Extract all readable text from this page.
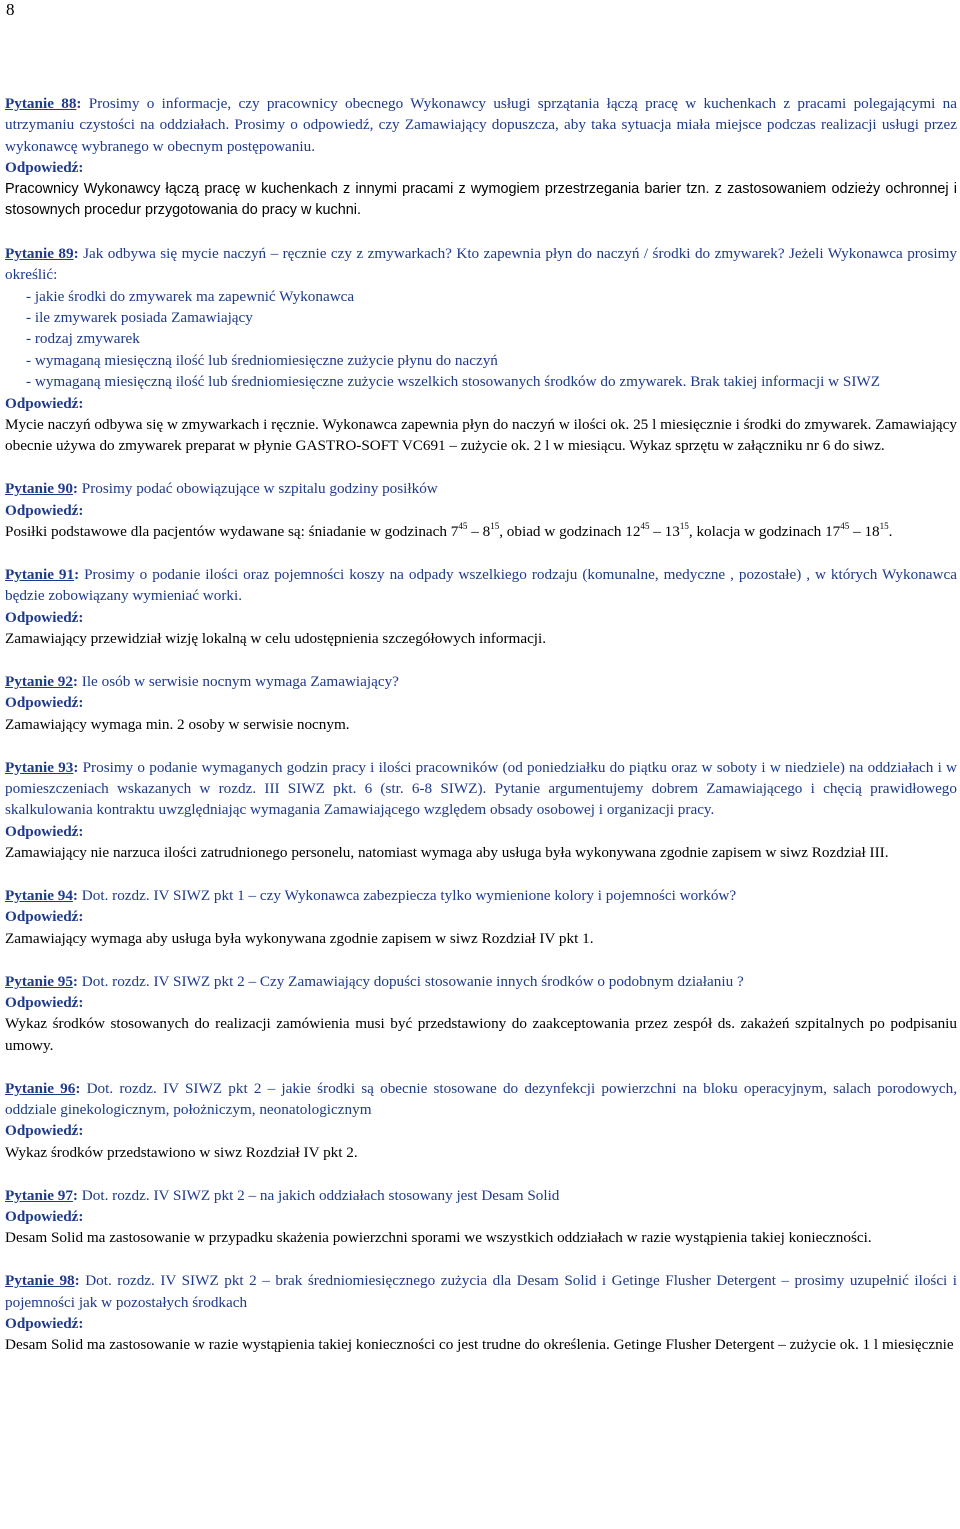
8
Pytanie 88: Prosimy o informacje, czy pracownicy obecnego Wykonawcy usługi sprzątania łączą pracę w kuchenkach z pracami polegającymi na utrzymaniu czystości na oddziałach. Prosimy o odpowiedź, czy Zamawiający dopuszcza, aby taka sytuacja miała miejsce podczas realizacji usługi przez wykonawcę wybranego w obecnym postępowaniu.
Odpowiedź:
Pracownicy Wykonawcy łączą pracę w kuchenkach z innymi pracami z wymogiem przestrzegania barier tzn. z zastosowaniem odzieży ochronnej i stosownych procedur przygotowania do pracy w kuchni.
Pytanie 89: Jak odbywa się mycie naczyń – ręcznie czy z zmywarkach? Kto zapewnia płyn do naczyń / środki do zmywarek? Jeżeli Wykonawca prosimy określić:
- jakie środki do zmywarek ma zapewnić Wykonawca
- ile zmywarek posiada Zamawiający
- rodzaj zmywarek
- wymaganą miesięczną ilość lub średniomiesięczne zużycie płynu do naczyń
- wymaganą miesięczną ilość lub średniomiesięczne zużycie wszelkich stosowanych środków do zmywarek. Brak takiej informacji w SIWZ
Odpowiedź:
Mycie naczyń odbywa się w zmywarkach i ręcznie. Wykonawca zapewnia płyn do naczyń w ilości ok. 25 l miesięcznie i środki do zmywarek. Zamawiający obecnie używa do zmywarek preparat w płynie GASTRO-SOFT VC691 – zużycie ok. 2 l w miesiącu. Wykaz sprzętu w załączniku nr 6 do siwz.
Pytanie 90: Prosimy podać obowiązujące w szpitalu godziny posiłków
Odpowiedź:
Posiłki podstawowe dla pacjentów wydawane są: śniadanie w godzinach $7^{45} - 8^{15}$, obiad w godzinach $12^{45} - 13^{15}$, kolacja w godzinach $17^{45} - 18^{15}$.
Pytanie 91: Prosimy o podanie ilości oraz pojemności koszy na odpady wszelkiego rodzaju (komunalne, medyczne , pozostałe) , w których Wykonawca będzie zobowiązany wymieniać worki.
Odpowiedź:
Zamawiający przewidział wizję lokalną w celu udostępnienia szczegółowych informacji.
Pytanie 92: Ile osób w serwisie nocnym wymaga Zamawiający?
Odpowiedź:
Zamawiający wymaga min. 2 osoby w serwisie nocnym.
Pytanie 93: Prosimy o podanie wymaganych godzin pracy i ilości pracowników (od poniedziałku do piątku oraz w soboty i w niedziele) na oddziałach i w pomieszczeniach wskazanych w rozdz. III SIWZ pkt. 6 (str. 6-8 SIWZ). Pytanie argumentujemy dobrem Zamawiającego i chęcią prawidłowego skalkulowania kontraktu uwzględniając wymagania Zamawiającego względem obsady osobowej i organizacji pracy.
Odpowiedź:
Zamawiający nie narzuca ilości zatrudnionego personelu, natomiast wymaga aby usługa była wykonywana zgodnie zapisem w siwz Rozdział III.
Pytanie 94: Dot. rozdz. IV SIWZ pkt 1 – czy Wykonawca zabezpiecza tylko wymienione kolory i pojemności worków?
Odpowiedź:
Zamawiający wymaga aby usługa była wykonywana zgodnie zapisem w siwz Rozdział IV pkt 1.
Pytanie 95: Dot. rozdz. IV SIWZ pkt 2 – Czy Zamawiający dopuści stosowanie innych środków o podobnym działaniu ?
Odpowiedź:
Wykaz środków stosowanych do realizacji zamówienia musi być przedstawiony do zaakceptowania przez zespół ds. zakażeń szpitalnych po podpisaniu umowy.
Pytanie 96: Dot. rozdz. IV SIWZ pkt 2 – jakie środki są obecnie stosowane do dezynfekcji powierzchni na bloku operacyjnym, salach porodowych, oddziale ginekologicznym, położniczym, neonatologicznym
Odpowiedź:
Wykaz środków przedstawiono w siwz Rozdział IV pkt 2.
Pytanie 97: Dot. rozdz. IV SIWZ pkt 2 – na jakich oddziałach stosowany jest Desam Solid
Odpowiedź:
Desam Solid ma zastosowanie w przypadku skażenia powierzchni sporami we wszystkich oddziałach w razie wystąpienia takiej konieczności.
Pytanie 98: Dot. rozdz. IV SIWZ pkt 2 – brak średniomiesięcznego zużycia dla Desam Solid i Getinge Flusher Detergent – prosimy uzupełnić ilości i pojemności jak w pozostałych środkach
Odpowiedź:
Desam Solid ma zastosowanie w razie wystąpienia takiej konieczności co jest trudne do określenia. Getinge Flusher Detergent – zużycie ok. 1 l miesięcznie
